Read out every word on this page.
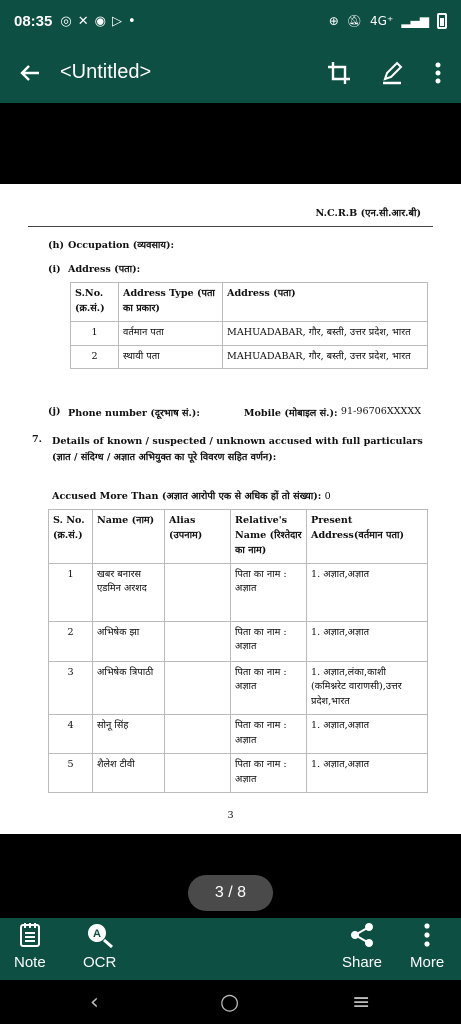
08:35 ◎ ✕ ◉ ▷ •	⊕ 🔕︎ 4G⁺ ▂▄▆
<Untitled>
N.C.R.B (एन.सी.आर.बी)
(h) Occupation (व्यवसाय):
(i) Address (पता):
S.No. (क्र.सं.)	Address Type (पता का प्रकार)	Address (पता)
1	वर्तमान पता	MAHUADABAR, गौर, बस्ती, उत्तर प्रदेश, भारत
2	स्थायी पता	MAHUADABAR, गौर, बस्ती, उत्तर प्रदेश, भारत
(j) Phone number (दूरभाष सं.):	Mobile (मोबाइल सं.):
91-96706XXXXX
7. Details of known / suspected / unknown accused with full particulars (ज्ञात / संदिग्ध / अज्ञात अभियुक्त का पूरे विवरण सहित वर्णन):
Accused More Than (अज्ञात आरोपी एक से अधिक हों तो संख्या): 0
S. No. (क्र.सं.)	Name (नाम)	Alias (उपनाम)	Relative's Name (रिश्तेदार का नाम)	Present Address(वर्तमान पता)
1	खबर बनारस एडमिन अरशद		पिता का नाम : अज्ञात	1. अज्ञात,अज्ञात
2	अभिषेक झा		पिता का नाम : अज्ञात	1. अज्ञात,अज्ञात
3	अभिषेक त्रिपाठी		पिता का नाम : अज्ञात	1. अज्ञात,लंका,काशी (कमिश्नरेट वाराणसी),उत्तर प्रदेश,भारत
4	सोनू सिंह		पिता का नाम : अज्ञात	1. अज्ञात,अज्ञात
5	शैलेश टीवी		पिता का नाम : अज्ञात	1. अज्ञात,अज्ञात
3
3 / 8
Note
A
OCR	Share More
‹	○	≡
